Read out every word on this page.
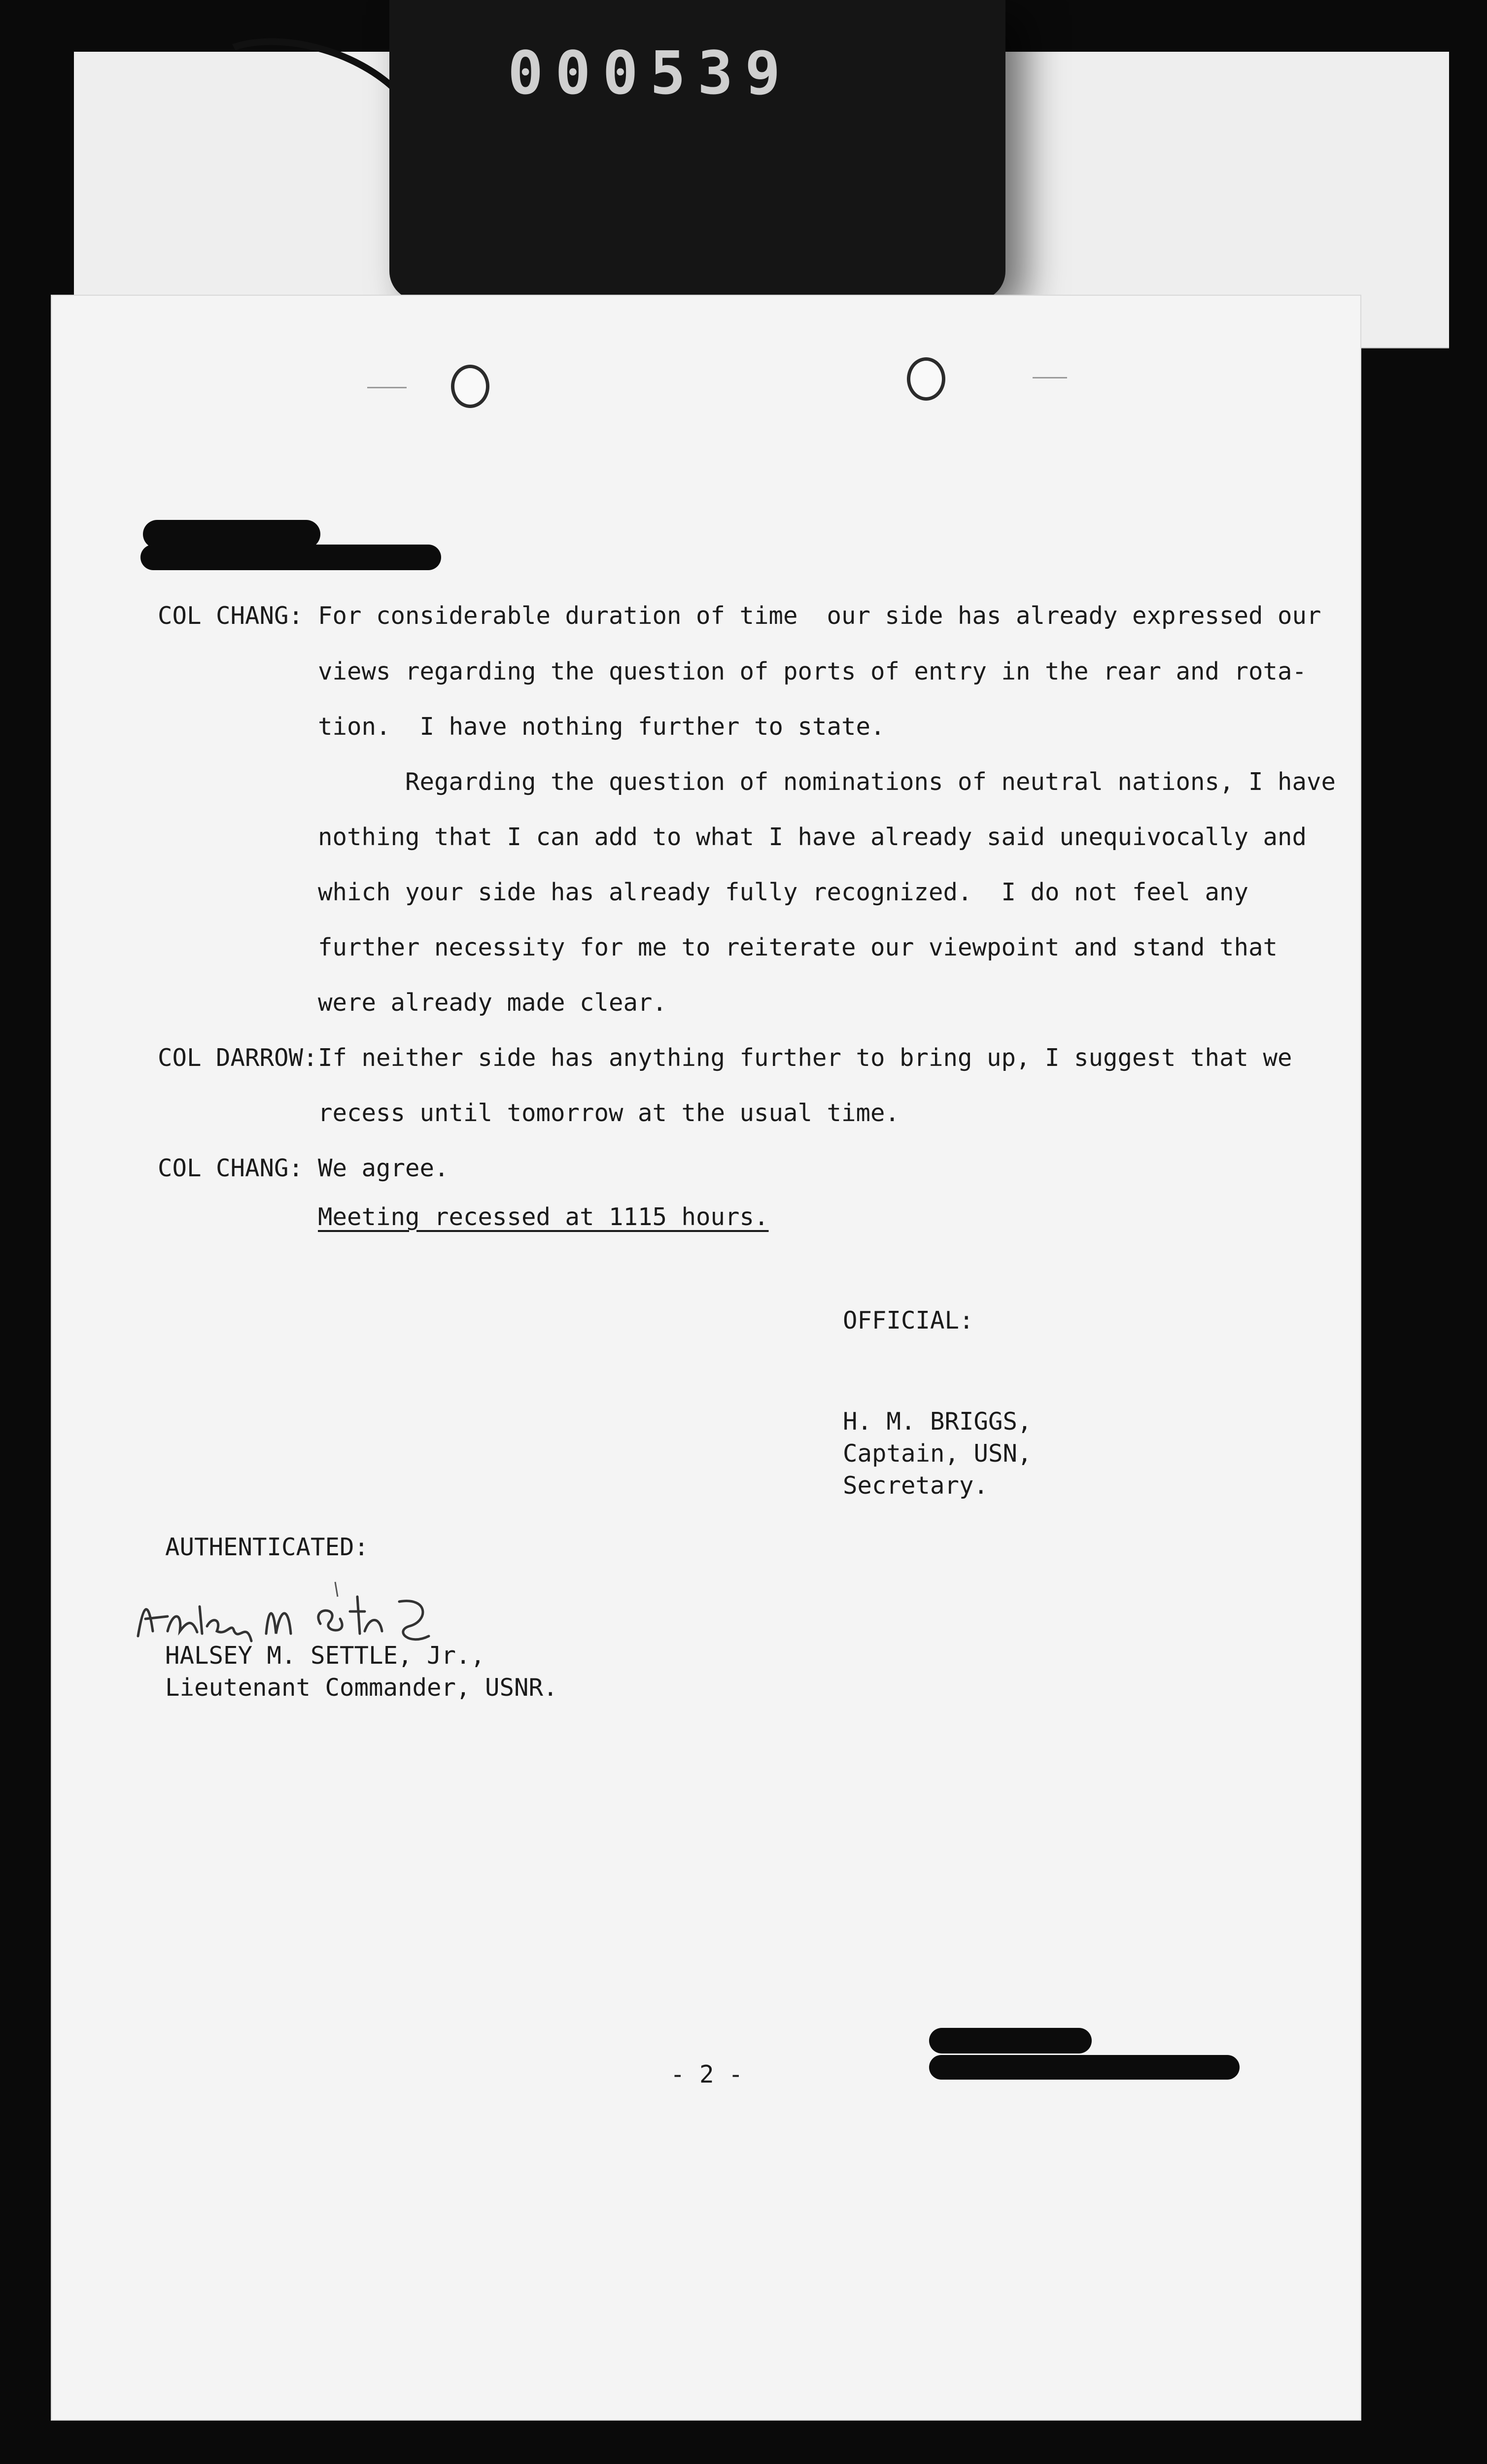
000539
COL CHANG: For considerable duration of time  our side has already expressed our
views regarding the question of ports of entry in the rear and rota-
tion.  I have nothing further to state.
Regarding the question of nominations of neutral nations, I have
nothing that I can add to what I have already said unequivocally and
which your side has already fully recognized.  I do not feel any
further necessity for me to reiterate our viewpoint and stand that
were already made clear.
COL DARROW: If neither side has anything further to bring up, I suggest that we
recess until tomorrow at the usual time.
COL CHANG: We agree.
Meeting recessed at 1115 hours.
OFFICIAL:
H. M. BRIGGS,
Captain, USN,
Secretary.
AUTHENTICATED:
HALSEY M. SETTLE, Jr.,
Lieutenant Commander, USNR.
- 2 -
